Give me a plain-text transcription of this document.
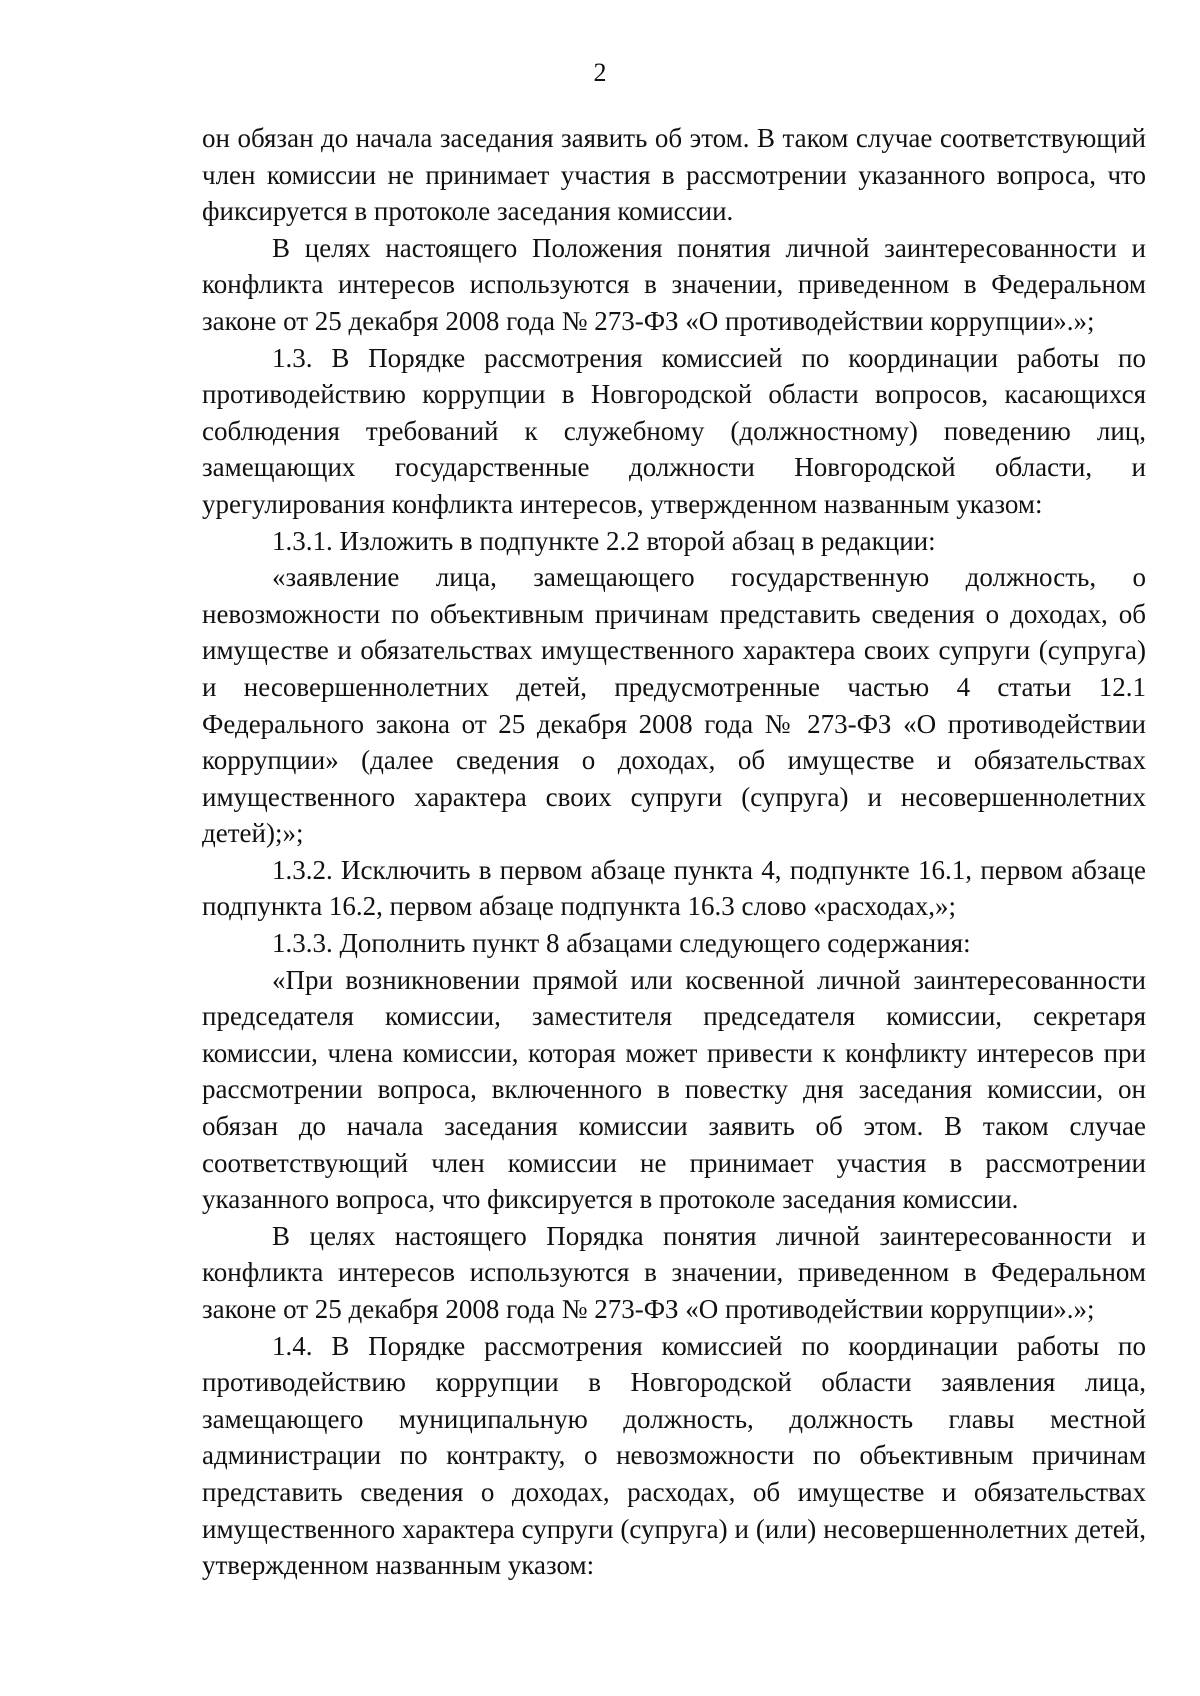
2

он обязан до начала заседания заявить об этом. В таком случае соответствующий член комиссии не принимает участия в рассмотрении указанного вопроса, что фиксируется в протоколе заседания комиссии.

В целях настоящего Положения понятия личной заинтересованности и конфликта интересов используются в значении, приведенном в Федеральном законе от 25 декабря 2008 года № 273-ФЗ «О противодействии коррупции».»;

1.3. В Порядке рассмотрения комиссией по координации работы по противодействию коррупции в Новгородской области вопросов, касающихся соблюдения требований к служебному (должностному) поведению лиц, замещающих государственные должности Новгородской области, и урегулирования конфликта интересов, утвержденном названным указом:

1.3.1. Изложить в подпункте 2.2 второй абзац в редакции:

«заявление лица, замещающего государственную должность, о невозможности по объективным причинам представить сведения о доходах, об имуществе и обязательствах имущественного характера своих супруги (супруга) и несовершеннолетних детей, предусмотренные частью 4 статьи 12.1 Федерального закона от 25 декабря 2008 года № 273-ФЗ «О противодействии коррупции» (далее сведения о доходах, об имуществе и обязательствах имущественного характера своих супруги (супруга) и несовершеннолетних детей);»;

1.3.2. Исключить в первом абзаце пункта 4, подпункте 16.1, первом абзаце подпункта 16.2, первом абзаце подпункта 16.3 слово «расходах,»;

1.3.3. Дополнить пункт 8 абзацами следующего содержания:

«При возникновении прямой или косвенной личной заинтересованности председателя комиссии, заместителя председателя комиссии, секретаря комиссии, члена комиссии, которая может привести к конфликту интересов при рассмотрении вопроса, включенного в повестку дня заседания комиссии, он обязан до начала заседания комиссии заявить об этом. В таком случае соответствующий член комиссии не принимает участия в рассмотрении указанного вопроса, что фиксируется в протоколе заседания комиссии.

В целях настоящего Порядка понятия личной заинтересованности и конфликта интересов используются в значении, приведенном в Федеральном законе от 25 декабря 2008 года № 273-ФЗ «О противодействии коррупции».»;

1.4. В Порядке рассмотрения комиссией по координации работы по противодействию коррупции в Новгородской области заявления лица, замещающего муниципальную должность, должность главы местной администрации по контракту, о невозможности по объективным причинам представить сведения о доходах, расходах, об имуществе и обязательствах имущественного характера супруги (супруга) и (или) несовершеннолетних детей, утвержденном названным указом:
